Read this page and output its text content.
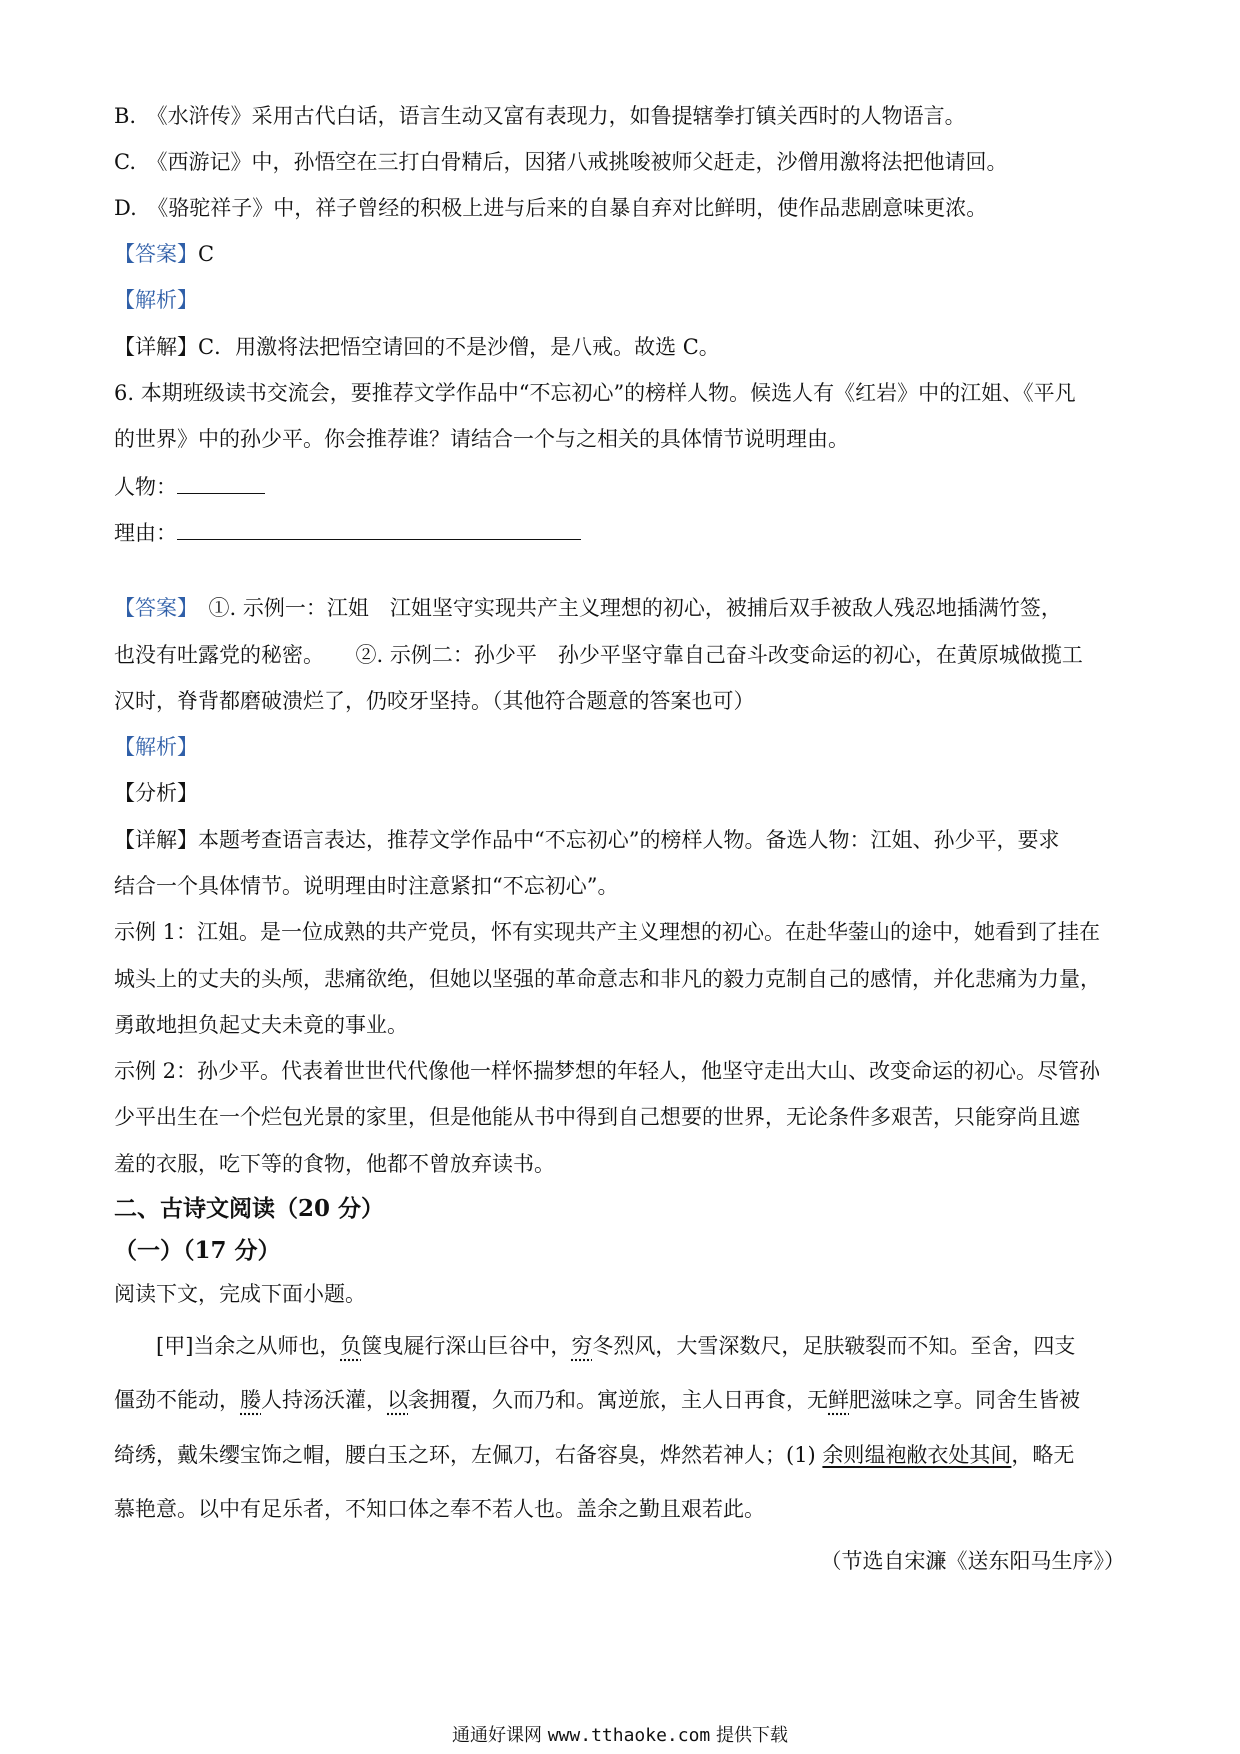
B.　《水浒传》采用古代白话，语言生动又富有表现力，如鲁提辖拳打镇关西时的人物语言。
C.　《西游记》中，孙悟空在三打白骨精后，因猪八戒挑唆被师父赶走，沙僧用激将法把他请回。
D.　《骆驼祥子》中，祥子曾经的积极上进与后来的自暴自弃对比鲜明，使作品悲剧意味更浓。
【答案】C
【解析】
【详解】C．用激将法把悟空请回的不是沙僧，是八戒。故选 C。
6. 本期班级读书交流会，要推荐文学作品中“不忘初心”的榜样人物。候选人有《红岩》中的江姐、《平凡
的世界》中的孙少平。你会推荐谁？请结合一个与之相关的具体情节说明理由。
人物：
理由：
【答案】　①. 示例一：江姐　江姐坚守实现共产主义理想的初心，被捕后双手被敌人残忍地插满竹签，
也没有吐露党的秘密。　　②. 示例二：孙少平　孙少平坚守靠自己奋斗改变命运的初心，在黄原城做揽工
汉时，脊背都磨破溃烂了，仍咬牙坚持。（其他符合题意的答案也可）
【解析】
【分析】
【详解】本题考查语言表达，推荐文学作品中“不忘初心”的榜样人物。备选人物：江姐、孙少平，要求
结合一个具体情节。说明理由时注意紧扣“不忘初心”。
示例 1：江姐。是一位成熟的共产党员，怀有实现共产主义理想的初心。在赴华蓥山的途中，她看到了挂在
城头上的丈夫的头颅，悲痛欲绝，但她以坚强的革命意志和非凡的毅力克制自己的感情，并化悲痛为力量，
勇敢地担负起丈夫未竟的事业。
示例 2：孙少平。代表着世世代代像他一样怀揣梦想的年轻人，他坚守走出大山、改变命运的初心。尽管孙
少平出生在一个烂包光景的家里，但是他能从书中得到自己想要的世界，无论条件多艰苦，只能穿尚且遮
羞的衣服，吃下等的食物，他都不曾放弃读书。
二、古诗文阅读（20 分）
（一）（17 分）
阅读下文，完成下面小题。
　　[甲]当余之从师也，负箧曳屣行深山巨谷中，穷冬烈风，大雪深数尺，足肤皲裂而不知。至舍，四支
僵劲不能动，媵人持汤沃灌，以衾拥覆，久而乃和。寓逆旅，主人日再食，无鲜肥滋味之享。同舍生皆被
绮绣，戴朱缨宝饰之帽，腰白玉之环，左佩刀，右备容臭，烨然若神人；(1) 余则缊袍敝衣处其间，略无
慕艳意。以中有足乐者，不知口体之奉不若人也。盖余之勤且艰若此。
（节选自宋濂《送东阳马生序》）
通通好课网 www.tthaoke.com 提供下载
